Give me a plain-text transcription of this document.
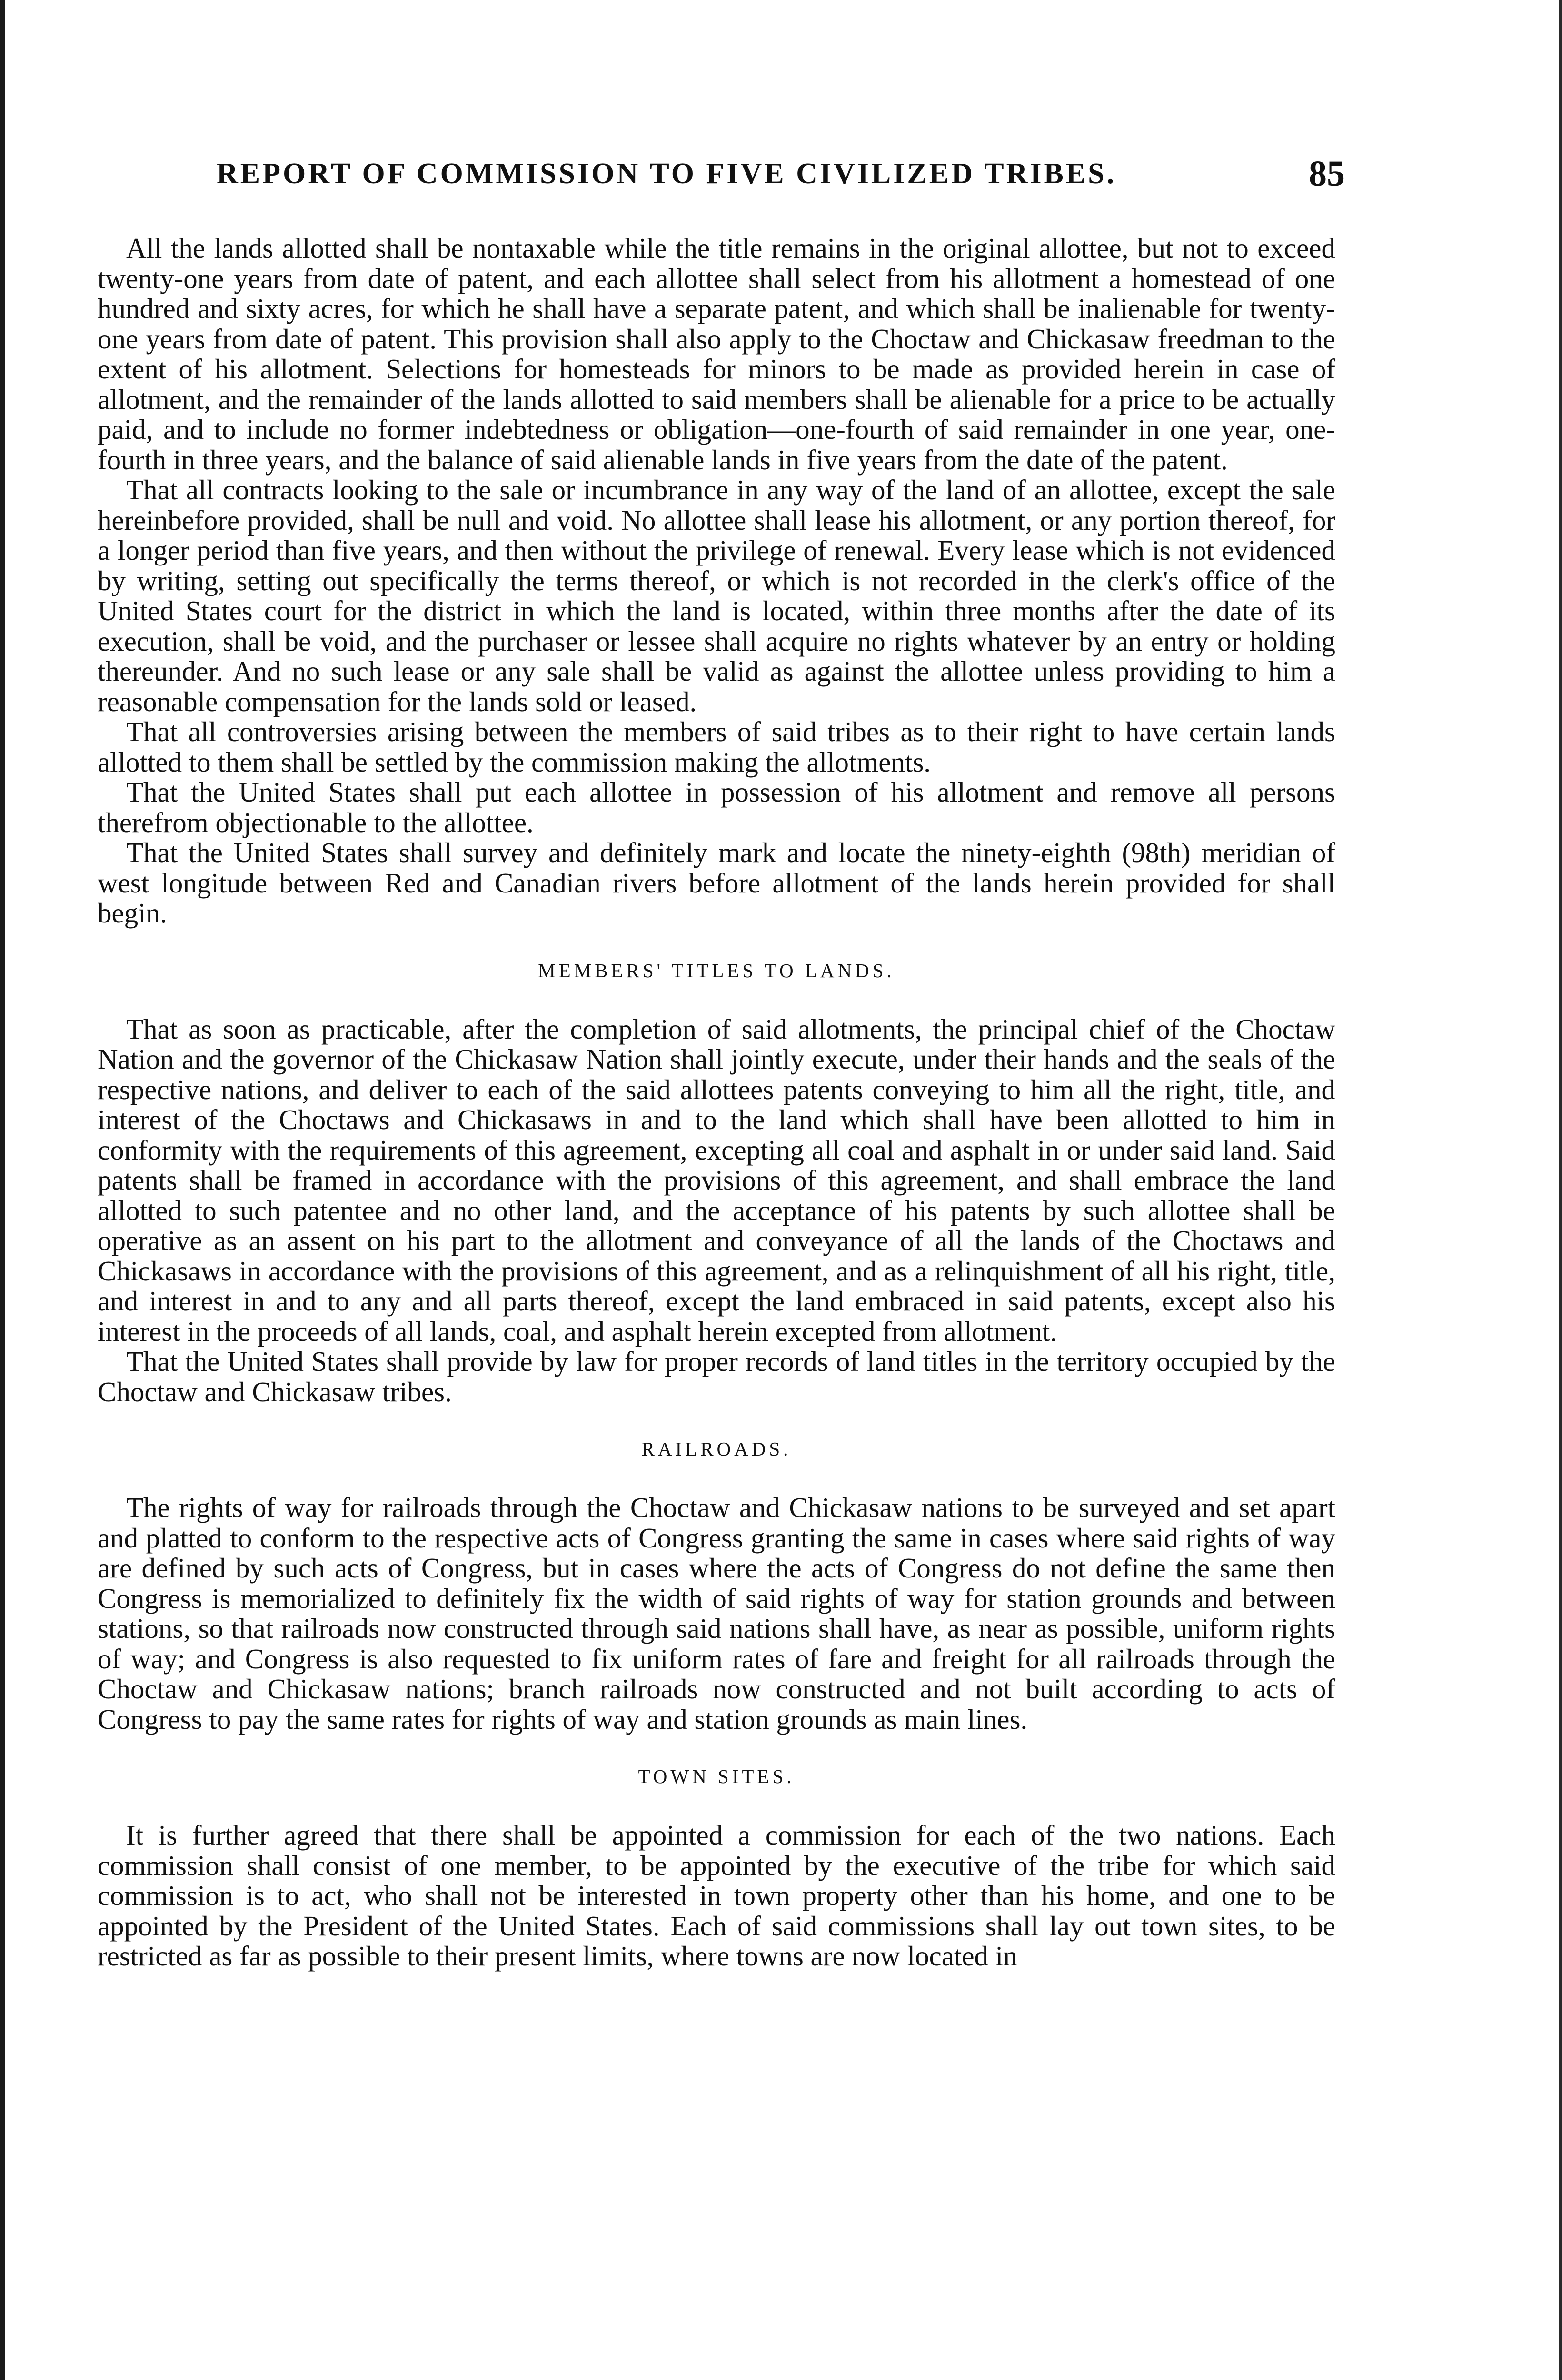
REPORT OF COMMISSION TO FIVE CIVILIZED TRIBES.	85

All the lands allotted shall be nontaxable while the title remains in the original allottee, but not to exceed twenty-one years from date of patent, and each allottee shall select from his allotment a homestead of one hundred and sixty acres, for which he shall have a separate patent, and which shall be inalienable for twenty-one years from date of patent. This provision shall also apply to the Choctaw and Chickasaw freedman to the extent of his allotment. Selections for homesteads for minors to be made as provided herein in case of allotment, and the remainder of the lands allotted to said members shall be alienable for a price to be actually paid, and to include no former indebtedness or obligation—one-fourth of said remainder in one year, one-fourth in three years, and the balance of said alienable lands in five years from the date of the patent.

That all contracts looking to the sale or incumbrance in any way of the land of an allottee, except the sale hereinbefore provided, shall be null and void. No allottee shall lease his allotment, or any portion thereof, for a longer period than five years, and then without the privilege of renewal. Every lease which is not evidenced by writing, setting out specifically the terms thereof, or which is not recorded in the clerk's office of the United States court for the district in which the land is located, within three months after the date of its execution, shall be void, and the purchaser or lessee shall acquire no rights whatever by an entry or holding thereunder. And no such lease or any sale shall be valid as against the allottee unless providing to him a reasonable compensation for the lands sold or leased.

That all controversies arising between the members of said tribes as to their right to have certain lands allotted to them shall be settled by the commission making the allotments.

That the United States shall put each allottee in possession of his allotment and remove all persons therefrom objectionable to the allottee.

That the United States shall survey and definitely mark and locate the ninety-eighth (98th) meridian of west longitude between Red and Canadian rivers before allotment of the lands herein provided for shall begin.

MEMBERS' TITLES TO LANDS.

That as soon as practicable, after the completion of said allotments, the principal chief of the Choctaw Nation and the governor of the Chickasaw Nation shall jointly execute, under their hands and the seals of the respective nations, and deliver to each of the said allottees patents conveying to him all the right, title, and interest of the Choctaws and Chickasaws in and to the land which shall have been allotted to him in conformity with the requirements of this agreement, excepting all coal and asphalt in or under said land. Said patents shall be framed in accordance with the provisions of this agreement, and shall embrace the land allotted to such patentee and no other land, and the acceptance of his patents by such allottee shall be operative as an assent on his part to the allotment and conveyance of all the lands of the Choctaws and Chickasaws in accordance with the provisions of this agreement, and as a relinquishment of all his right, title, and interest in and to any and all parts thereof, except the land embraced in said patents, except also his interest in the proceeds of all lands, coal, and asphalt herein excepted from allotment.

That the United States shall provide by law for proper records of land titles in the territory occupied by the Choctaw and Chickasaw tribes.

RAILROADS.

The rights of way for railroads through the Choctaw and Chickasaw nations to be surveyed and set apart and platted to conform to the respective acts of Congress granting the same in cases where said rights of way are defined by such acts of Congress, but in cases where the acts of Congress do not define the same then Congress is memorialized to definitely fix the width of said rights of way for station grounds and between stations, so that railroads now constructed through said nations shall have, as near as possible, uniform rights of way; and Congress is also requested to fix uniform rates of fare and freight for all railroads through the Choctaw and Chickasaw nations; branch railroads now constructed and not built according to acts of Congress to pay the same rates for rights of way and station grounds as main lines.

TOWN SITES.

It is further agreed that there shall be appointed a commission for each of the two nations. Each commission shall consist of one member, to be appointed by the executive of the tribe for which said commission is to act, who shall not be interested in town property other than his home, and one to be appointed by the President of the United States. Each of said commissions shall lay out town sites, to be restricted as far as possible to their present limits, where towns are now located in
